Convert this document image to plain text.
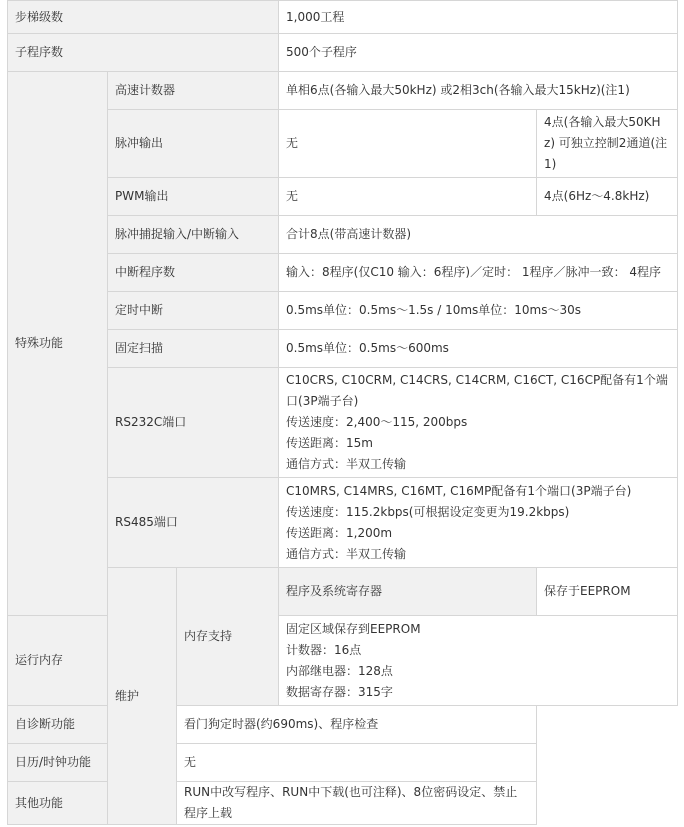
步梯级数			1,000工程	
子程序数			500个子程序	
特殊功能	高速计数器		单相6点(各输入最大50kHz) 或2相3ch(各输入最大15kHz)(注1)	
	脉冲输出		无	4点(各输入最大50KHz) 可独立控制2通道(注1)
	PWM输出		无	4点(6Hz～4.8kHz)
	脉冲捕捉输入/中断输入		合计8点(带高速计数器)	
	中断程序数		输入：8程序(仅C10 输入：6程序)／定时： 1程序／脉冲一致： 4程序	
	定时中断		0.5ms单位：0.5ms～1.5s / 10ms单位：10ms～30s	
	固定扫描		0.5ms单位：0.5ms～600ms	
	RS232C端口		C10CRS, C10CRM, C14CRS, C14CRM, C16CT, C16CP配备有1个端口(3P端子台)
传送速度：2,400～115, 200bps
传送距离：15m
通信方式：半双工传输	

	RS485端口		C10MRS, C14MRS, C16MT, C16MP配备有1个端口(3P端子台)
传送速度：115.2kbps(可根据设定变更为19.2kbps)
传送距离：1,200m
通信方式：半双工传输	

	维护	内存支持	程序及系统寄存器	保存于EEPROM
运行内存			固定区域保存到EEPROM
计数器：16点
内部继电器：128点
数据寄存器：315字	

自诊断功能		看门狗定时器(约690ms)、程序检查		
日历/时钟功能		无		
其他功能		RUN中改写程序、RUN中下载(也可注释)、8位密码设定、禁止程序上载		
